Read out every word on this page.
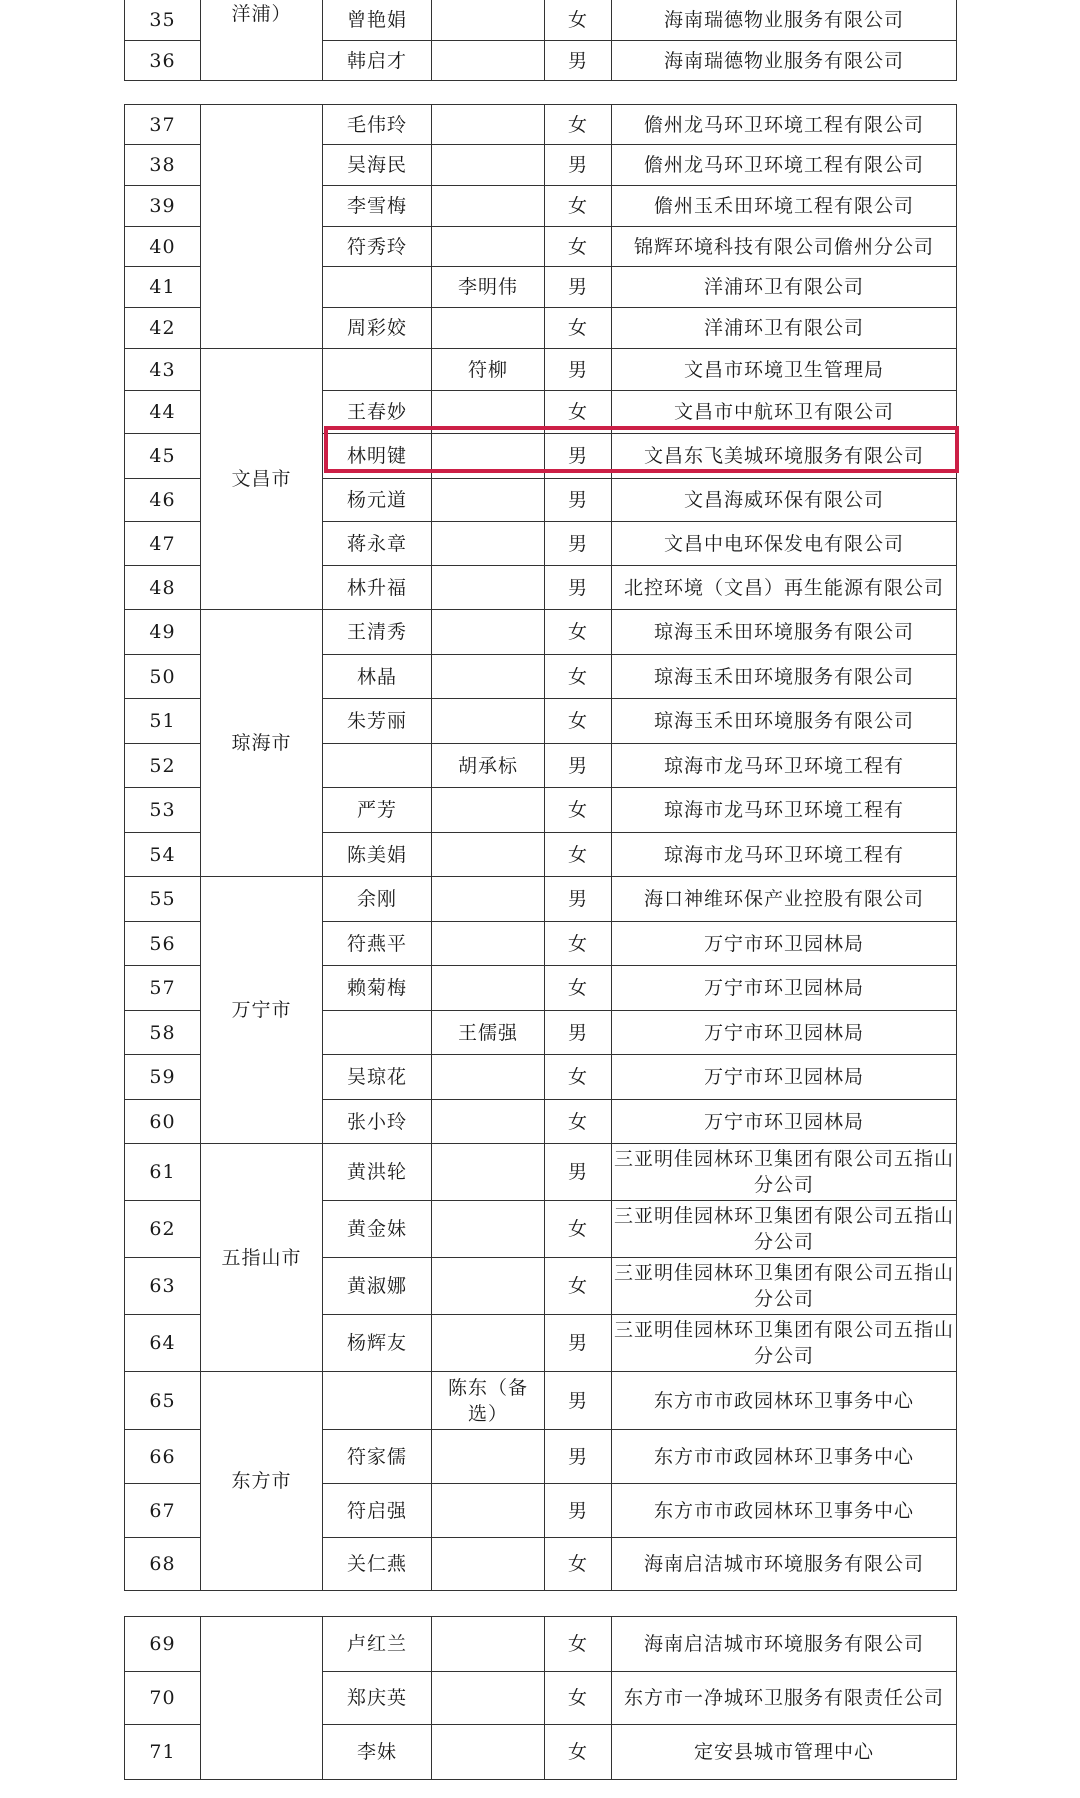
35	洋浦）	曾艳娟		女	海南瑞德物业服务有限公司
36		韩启才		男	海南瑞德物业服务有限公司
37		毛伟玲		女	儋州龙马环卫环境工程有限公司
38		吴海民		男	儋州龙马环卫环境工程有限公司
39		李雪梅		女	儋州玉禾田环境工程有限公司
40		符秀玲		女	锦辉环境科技有限公司儋州分公司
41			李明伟	男	洋浦环卫有限公司
42		周彩姣		女	洋浦环卫有限公司
43	文昌市		符柳	男	文昌市环境卫生管理局
44		王春妙		女	文昌市中航环卫有限公司
45		林明键		男	文昌东飞美城环境服务有限公司
46		杨元道		男	文昌海威环保有限公司
47		蒋永章		男	文昌中电环保发电有限公司
48		林升福		男	北控环境（文昌）再生能源有限公司
49	琼海市	王清秀		女	琼海玉禾田环境服务有限公司
50		林晶		女	琼海玉禾田环境服务有限公司
51		朱芳丽		女	琼海玉禾田环境服务有限公司
52			胡承标	男	琼海市龙马环卫环境工程有
53		严芳		女	琼海市龙马环卫环境工程有
54		陈美娟		女	琼海市龙马环卫环境工程有
55	万宁市	余刚		男	海口神维环保产业控股有限公司
56		符燕平		女	万宁市环卫园林局
57		赖菊梅		女	万宁市环卫园林局
58			王儒强	男	万宁市环卫园林局
59		吴琼花		女	万宁市环卫园林局
60		张小玲		女	万宁市环卫园林局
61	五指山市	黄洪轮		男	三亚明佳园林环卫集团有限公司五指山分公司
62		黄金妹		女	三亚明佳园林环卫集团有限公司五指山分公司
63		黄淑娜		女	三亚明佳园林环卫集团有限公司五指山分公司
64		杨辉友		男	三亚明佳园林环卫集团有限公司五指山分公司
65	东方市		陈东（备选）	男	东方市市政园林环卫事务中心
66		符家儒		男	东方市市政园林环卫事务中心
67		符启强		男	东方市市政园林环卫事务中心
68		关仁燕		女	海南启洁城市环境服务有限公司
69		卢红兰		女	海南启洁城市环境服务有限公司
70		郑庆英		女	东方市一净城环卫服务有限责任公司
71		李妹		女	定安县城市管理中心
